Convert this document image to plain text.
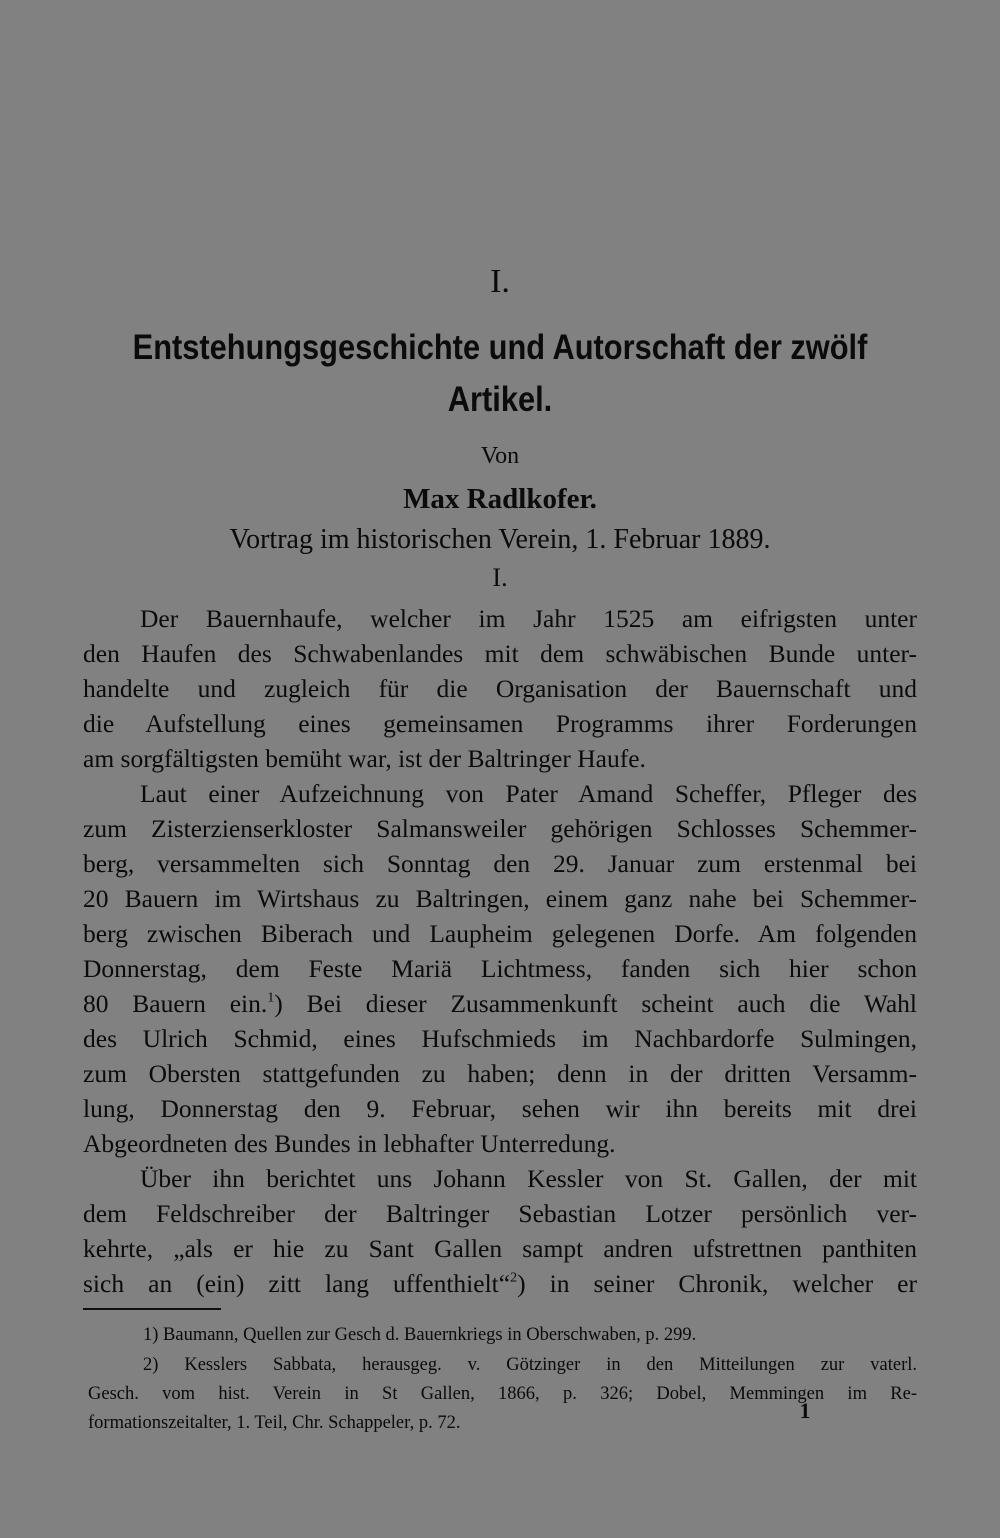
I.
Entstehungsgeschichte und Autorschaft der zwölf
Artikel.
Von
Max Radlkofer.
Vortrag im historischen Verein, 1. Februar 1889.
I.
Der Bauernhaufe, welcher im Jahr 1525 am eifrigsten unter
den Haufen des Schwabenlandes mit dem schwäbischen Bunde unter-
handelte und zugleich für die Organisation der Bauernschaft und
die Aufstellung eines gemeinsamen Programms ihrer Forderungen
am sorgfältigsten bemüht war, ist der Baltringer Haufe.
Laut einer Aufzeichnung von Pater Amand Scheffer, Pfleger des
zum Zisterzienserkloster Salmansweiler gehörigen Schlosses Schemmer-
berg, versammelten sich Sonntag den 29. Januar zum erstenmal bei
20 Bauern im Wirtshaus zu Baltringen, einem ganz nahe bei Schemmer-
berg zwischen Biberach und Laupheim gelegenen Dorfe. Am folgenden
Donnerstag, dem Feste Mariä Lichtmess, fanden sich hier schon
80 Bauern ein.$^1$) Bei dieser Zusammenkunft scheint auch die Wahl
des Ulrich Schmid, eines Hufschmieds im Nachbardorfe Sulmingen,
zum Obersten stattgefunden zu haben; denn in der dritten Versamm-
lung, Donnerstag den 9. Februar, sehen wir ihn bereits mit drei
Abgeordneten des Bundes in lebhafter Unterredung.
Über ihn berichtet uns Johann Kessler von St. Gallen, der mit
dem Feldschreiber der Baltringer Sebastian Lotzer persönlich ver-
kehrte, „als er hie zu Sant Gallen sampt andren ufstrettnen panthiten
sich an (ein) zitt lang uffenthielt“$^2$) in seiner Chronik, welcher er
1) Baumann, Quellen zur Gesch d. Bauernkriegs in Oberschwaben, p. 299.
2) Kesslers Sabbata, herausgeg. v. Götzinger in den Mitteilungen zur vaterl.
Gesch. vom hist. Verein in St Gallen, 1866, p. 326; Dobel, Memmingen im Re-
formationszeitalter, 1. Teil, Chr. Schappeler, p. 72.	1
